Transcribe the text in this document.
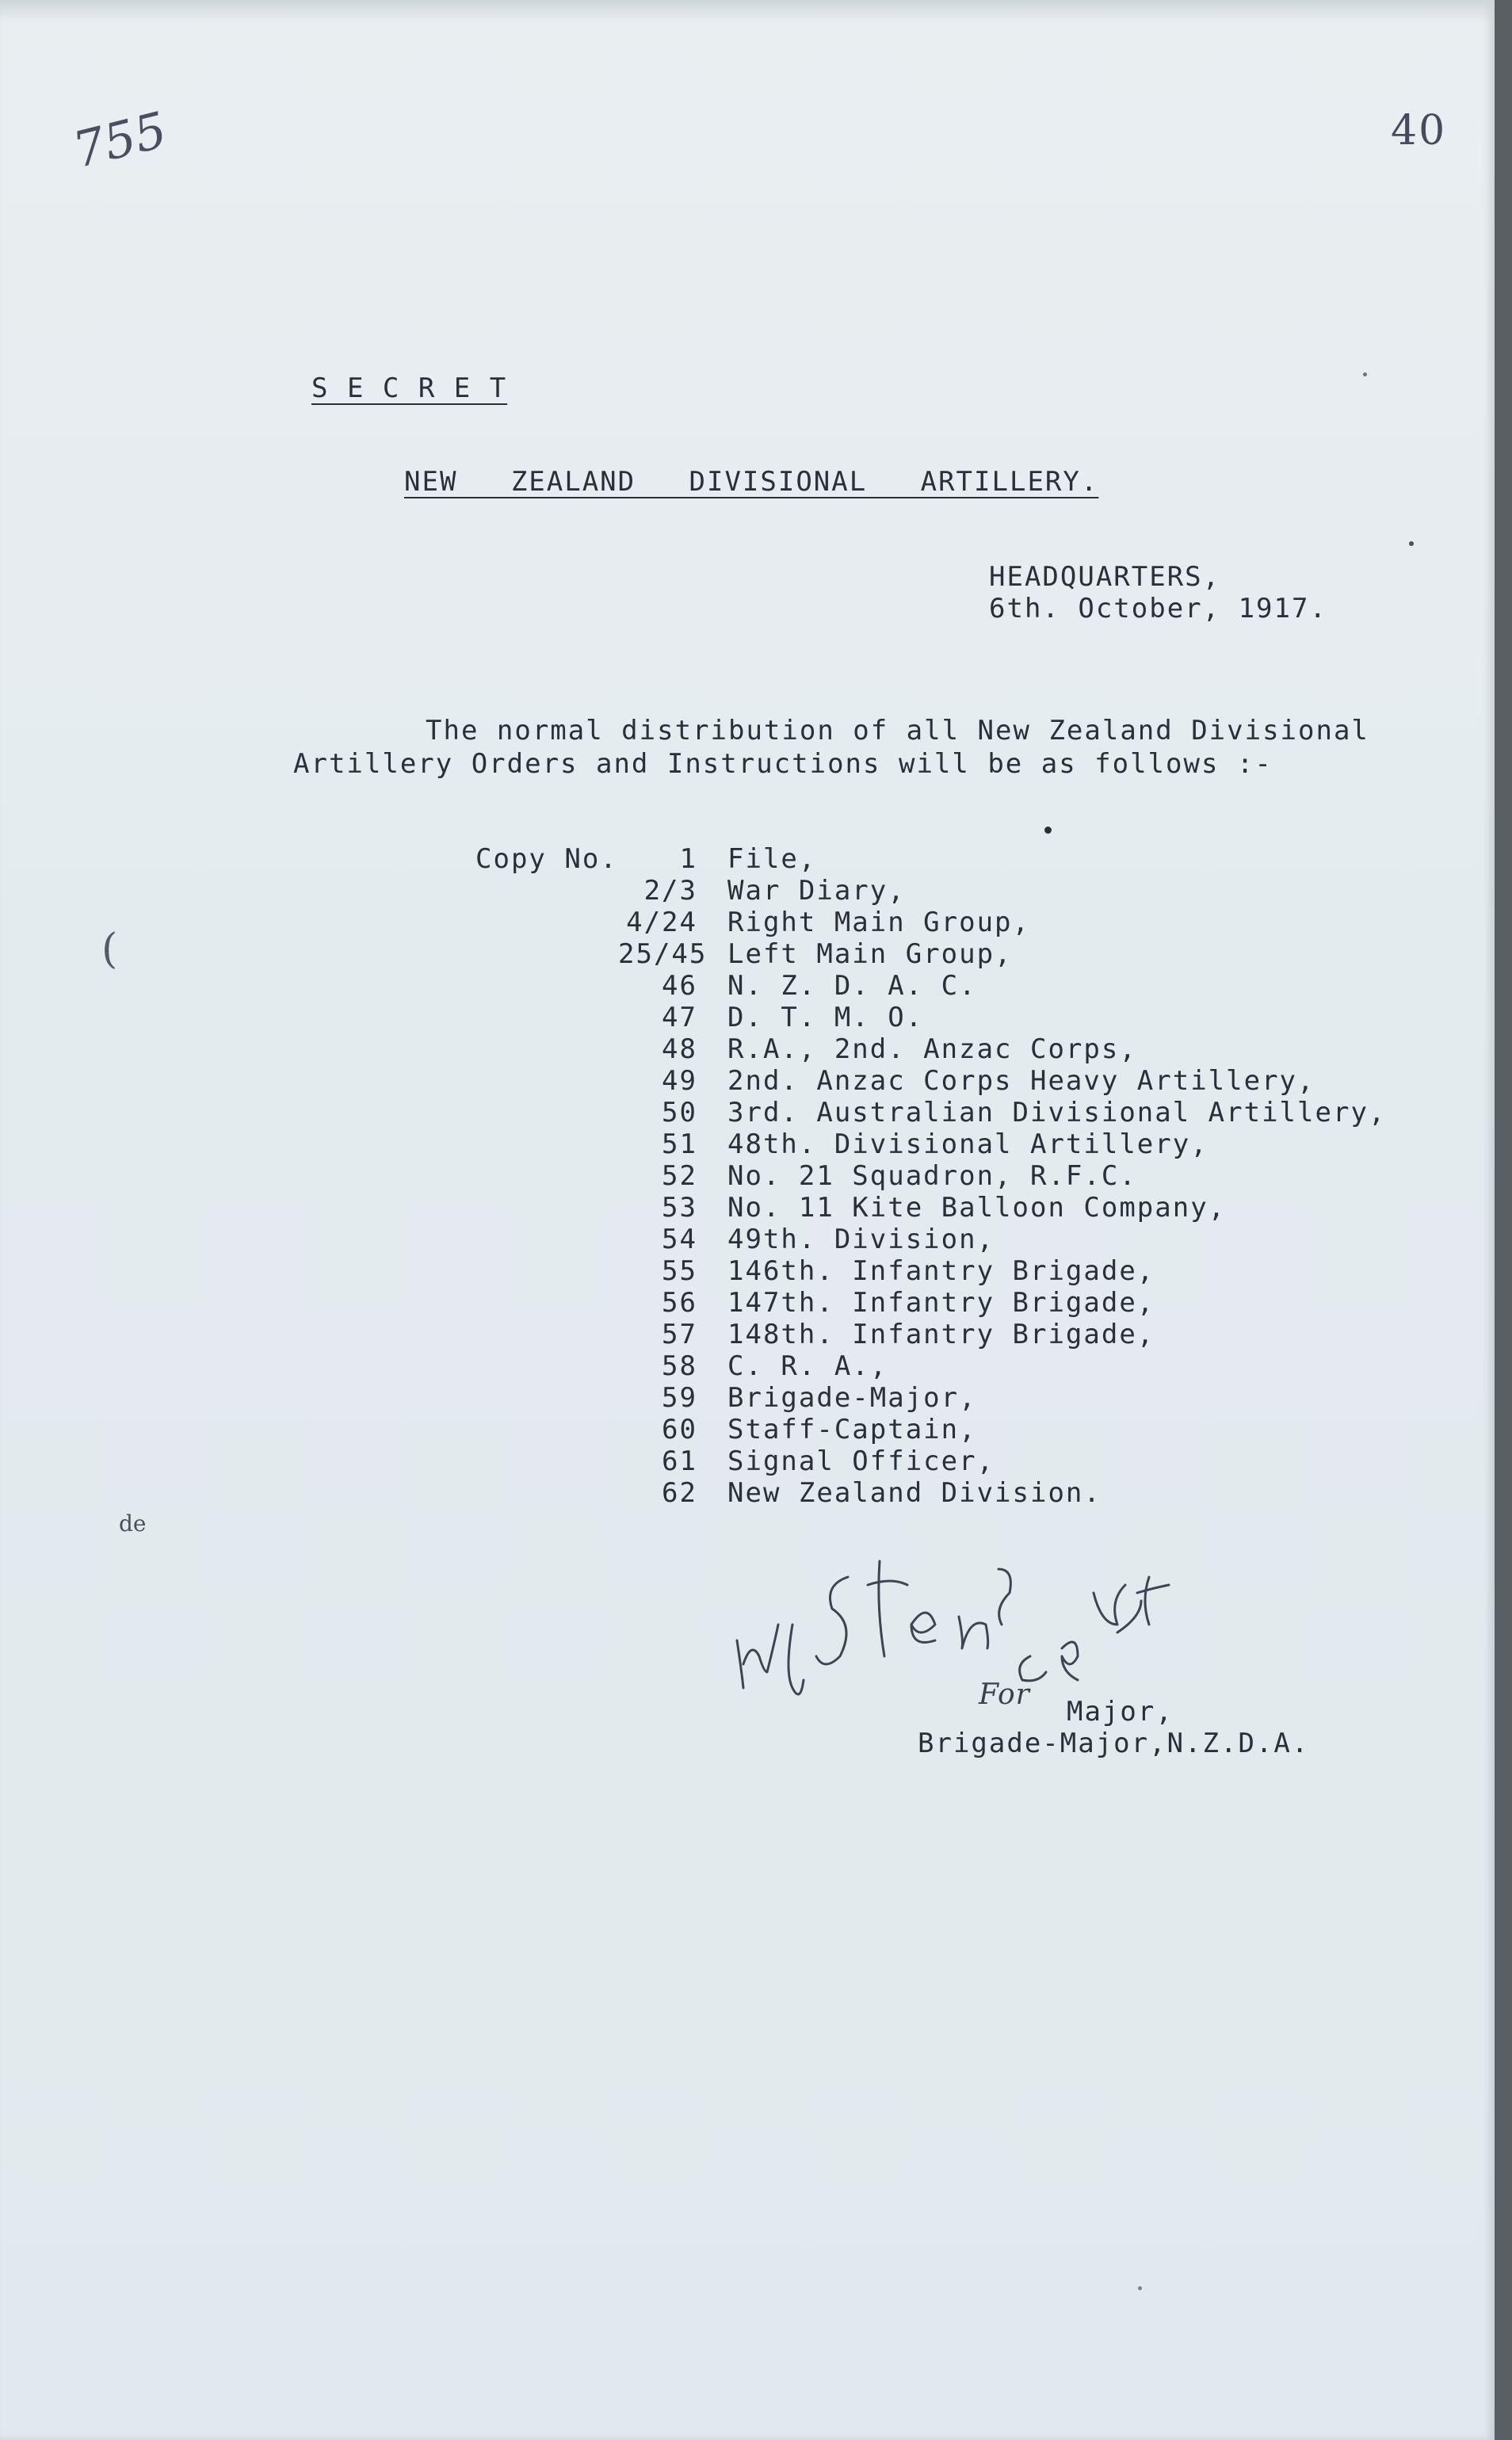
755	40
S E C R E T
NEW   ZEALAND   DIVISIONAL   ARTILLERY.
HEADQUARTERS,
6th. October, 1917.
The normal distribution of all New Zealand Divisional
Artillery Orders and Instructions will be as follows :-
(
de
Copy No.	1 File,
2/3 War Diary,
4/24 Right Main Group,
25/45 Left Main Group,
46 N. Z. D. A. C.
47 D. T. M. O.
48 R.A., 2nd. Anzac Corps,
49 2nd. Anzac Corps Heavy Artillery,
50 3rd. Australian Divisional Artillery,
51 48th. Divisional Artillery,
52 No. 21 Squadron, R.F.C.
53 No. 11 Kite Balloon Company,
54 49th. Division,
55 146th. Infantry Brigade,
56 147th. Infantry Brigade,
57 148th. Infantry Brigade,
58 C. R. A.,
59 Brigade-Major,
60 Staff-Captain,
61 Signal Officer,
62 New Zealand Division.
For
Major,
Brigade-Major,N.Z.D.A.
